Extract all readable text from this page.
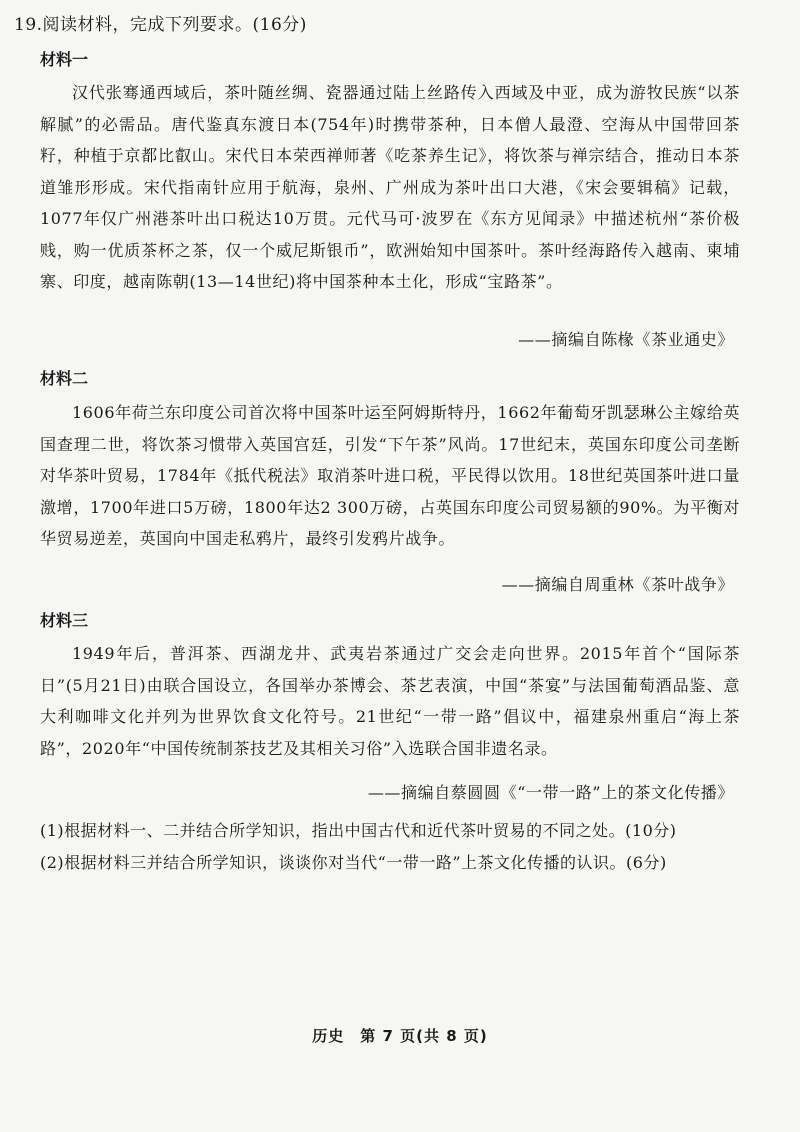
19.阅读材料，完成下列要求。(16分)
材料一

汉代张骞通西域后，茶叶随丝绸、瓷器通过陆上丝路传入西域及中亚，成为游牧民族“以茶解腻”的必需品。唐代鉴真东渡日本(754年)时携带茶种，日本僧人最澄、空海从中国带回茶籽，种植于京都比叡山。宋代日本荣西禅师著《吃茶养生记》，将饮茶与禅宗结合，推动日本茶道雏形形成。宋代指南针应用于航海，泉州、广州成为茶叶出口大港，《宋会要辑稿》记载，1077年仅广州港茶叶出口税达10万贯。元代马可·波罗在《东方见闻录》中描述杭州“茶价极贱，购一优质茶杯之茶，仅一个威尼斯银币”，欧洲始知中国茶叶。茶叶经海路传入越南、柬埔寨、印度，越南陈朝(13—14世纪)将中国茶种本土化，形成“宝路茶”。

——摘编自陈椽《茶业通史》
材料二

1606年荷兰东印度公司首次将中国茶叶运至阿姆斯特丹，1662年葡萄牙凯瑟琳公主嫁给英国查理二世，将饮茶习惯带入英国宫廷，引发“下午茶”风尚。17世纪末，英国东印度公司垄断对华茶叶贸易，1784年《抵代税法》取消茶叶进口税，平民得以饮用。18世纪英国茶叶进口量激增，1700年进口5万磅，1800年达2 300万磅，占英国东印度公司贸易额的90%。为平衡对华贸易逆差，英国向中国走私鸦片，最终引发鸦片战争。

——摘编自周重林《茶叶战争》
材料三

1949年后，普洱茶、西湖龙井、武夷岩茶通过广交会走向世界。2015年首个“国际茶日”(5月21日)由联合国设立，各国举办茶博会、茶艺表演，中国“茶宴”与法国葡萄酒品鉴、意大利咖啡文化并列为世界饮食文化符号。21世纪“一带一路”倡议中，福建泉州重启“海上茶路”，2020年“中国传统制茶技艺及其相关习俗”入选联合国非遗名录。

——摘编自蔡圆圆《“一带一路”上的茶文化传播》

(1)根据材料一、二并结合所学知识，指出中国古代和近代茶叶贸易的不同之处。(10分)

(2)根据材料三并结合所学知识，谈谈你对当代“一带一路”上茶文化传播的认识。(6分)

历史　第 7 页(共 8 页)
